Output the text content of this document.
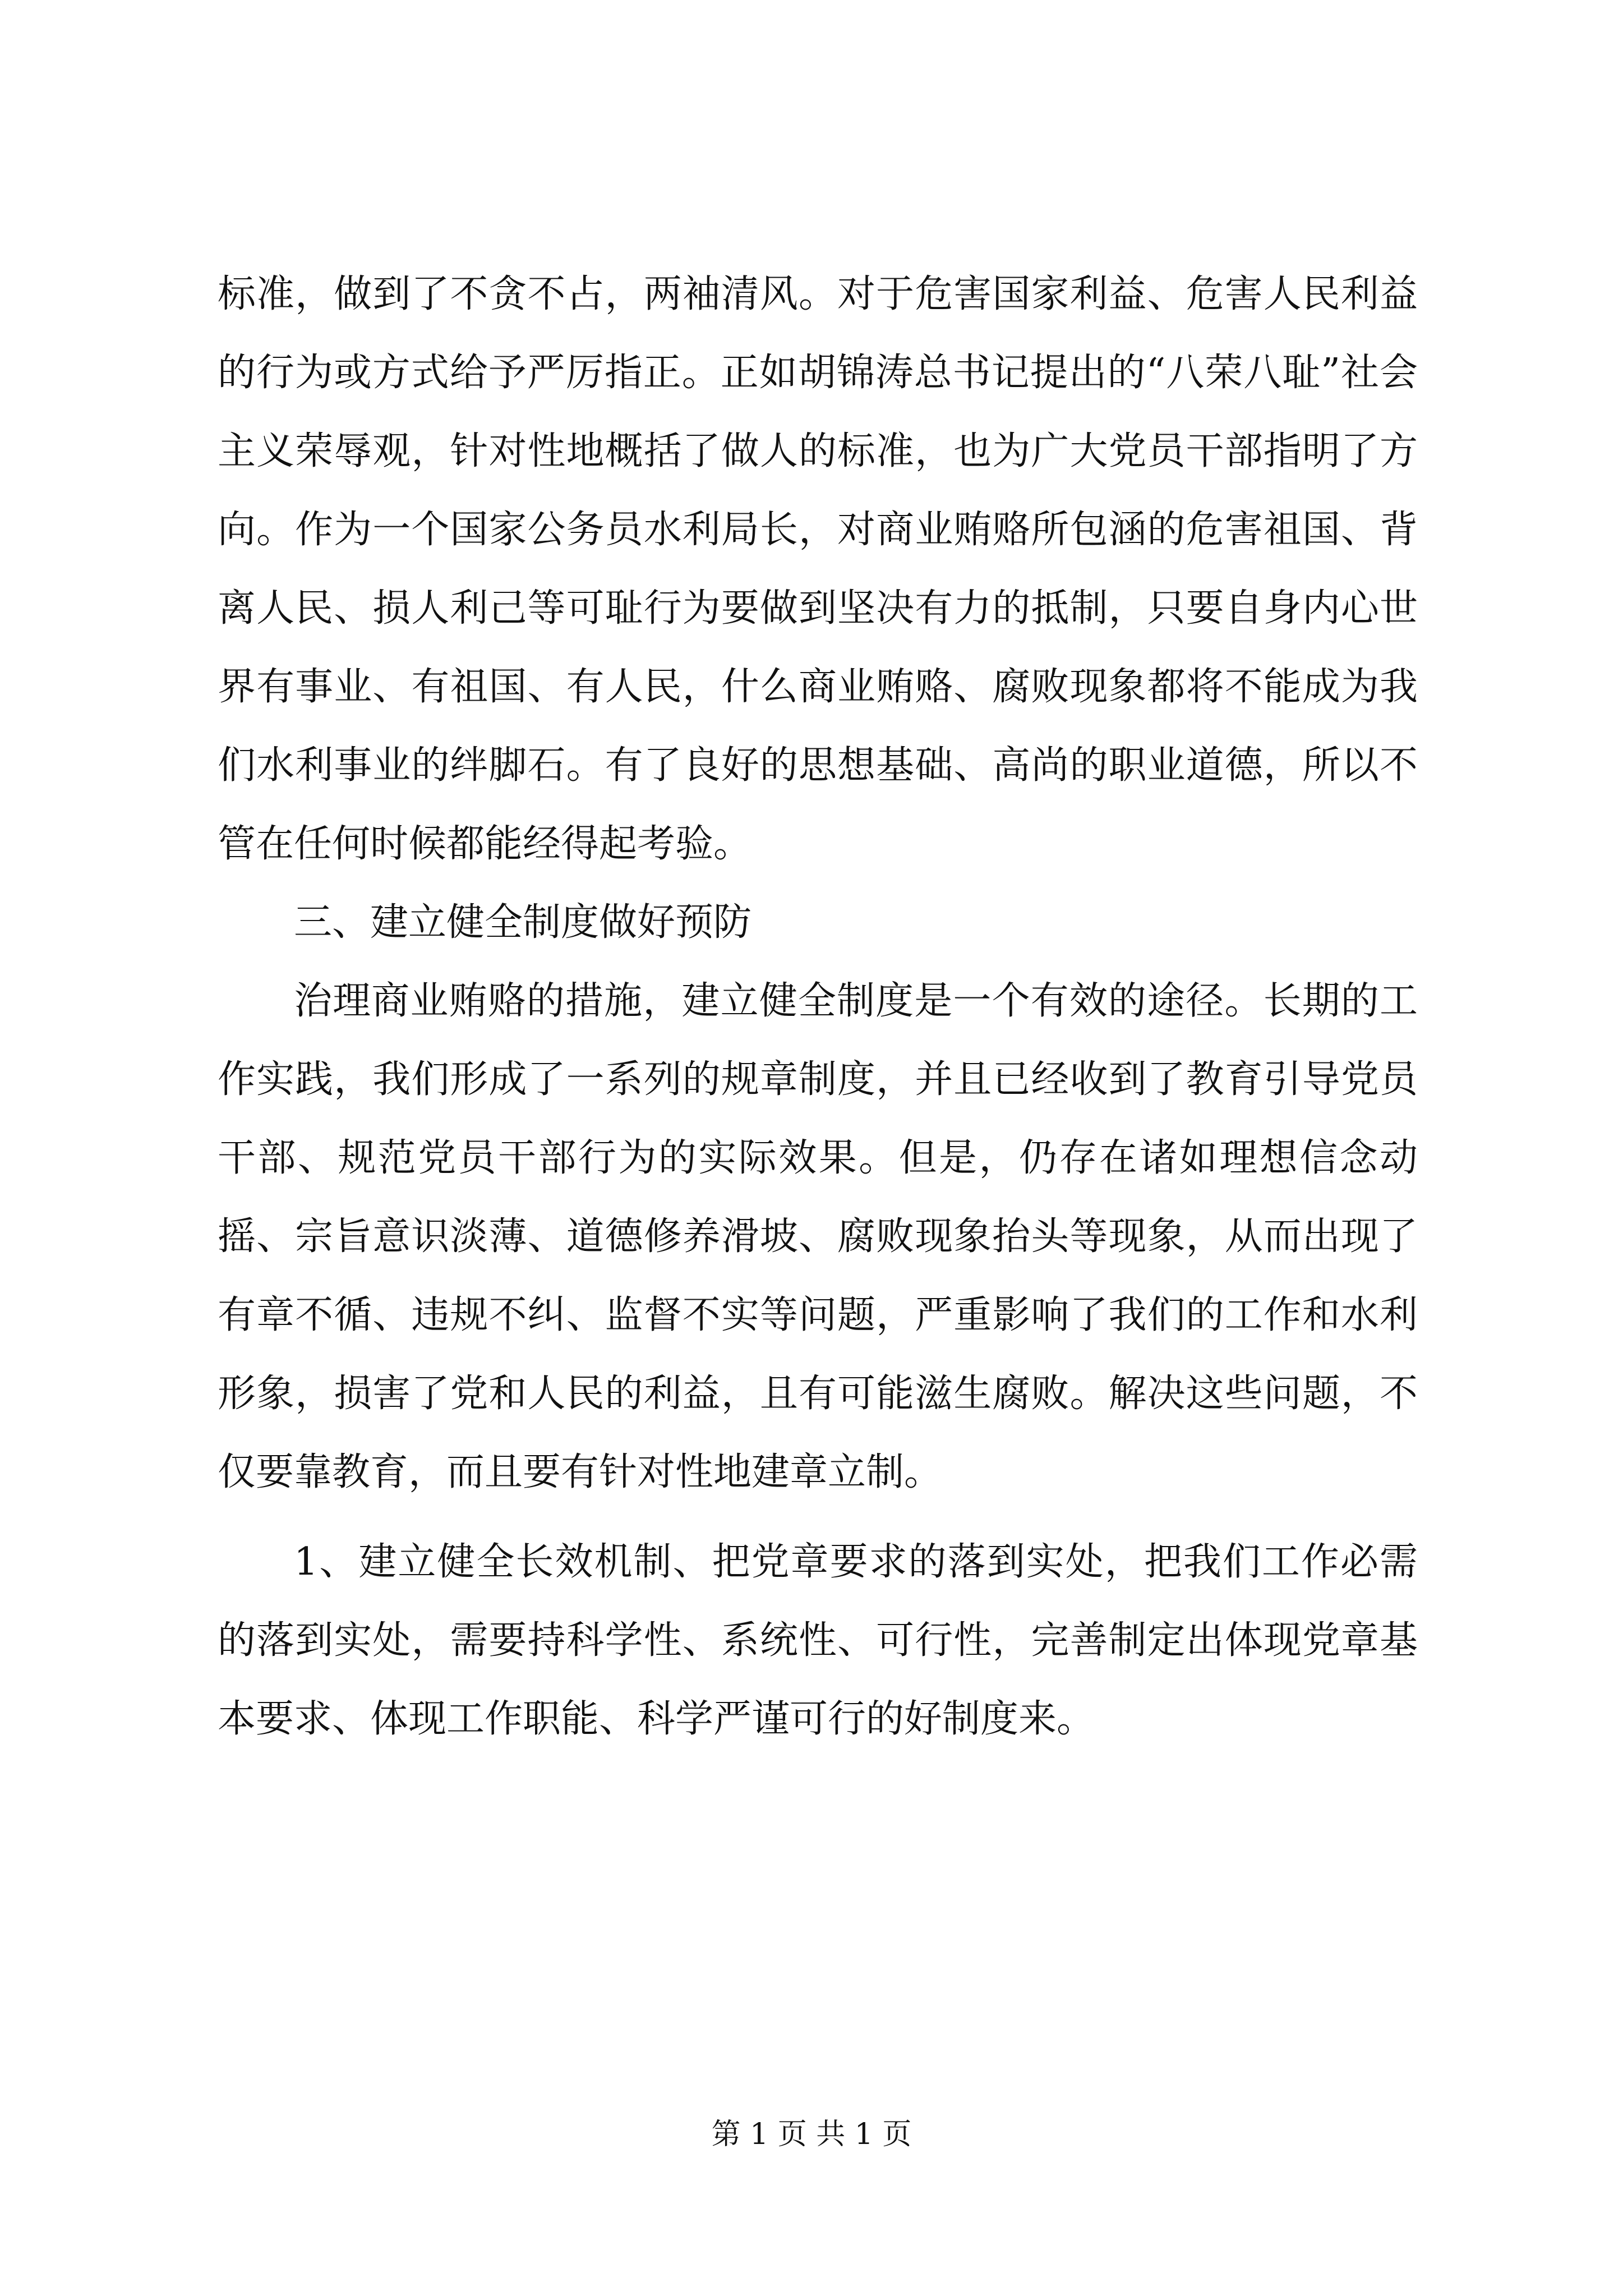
标准，做到了不贪不占，两袖清风。对于危害国家利益、危害人民利益的行为或方式给予严厉指正。正如胡锦涛总书记提出的“八荣八耻”社会主义荣辱观，针对性地概括了做人的标准，也为广大党员干部指明了方向。作为一个国家公务员水利局长，对商业贿赂所包涵的危害祖国、背离人民、损人利己等可耻行为要做到坚决有力的抵制，只要自身内心世界有事业、有祖国、有人民，什么商业贿赂、腐败现象都将不能成为我们水利事业的绊脚石。有了良好的思想基础、高尚的职业道德，所以不管在任何时候都能经得起考验。

三、建立健全制度做好预防

治理商业贿赂的措施，建立健全制度是一个有效的途径。长期的工作实践，我们形成了一系列的规章制度，并且已经收到了教育引导党员干部、规范党员干部行为的实际效果。但是，仍存在诸如理想信念动摇、宗旨意识淡薄、道德修养滑坡、腐败现象抬头等现象，从而出现了有章不循、违规不纠、监督不实等问题，严重影响了我们的工作和水利形象，损害了党和人民的利益，且有可能滋生腐败。解决这些问题，不仅要靠教育，而且要有针对性地建章立制。

1、建立健全长效机制、把党章要求的落到实处，把我们工作必需的落到实处，需要持科学性、系统性、可行性，完善制定出体现党章基本要求、体现工作职能、科学严谨可行的好制度来。

第 1 页 共 1 页
